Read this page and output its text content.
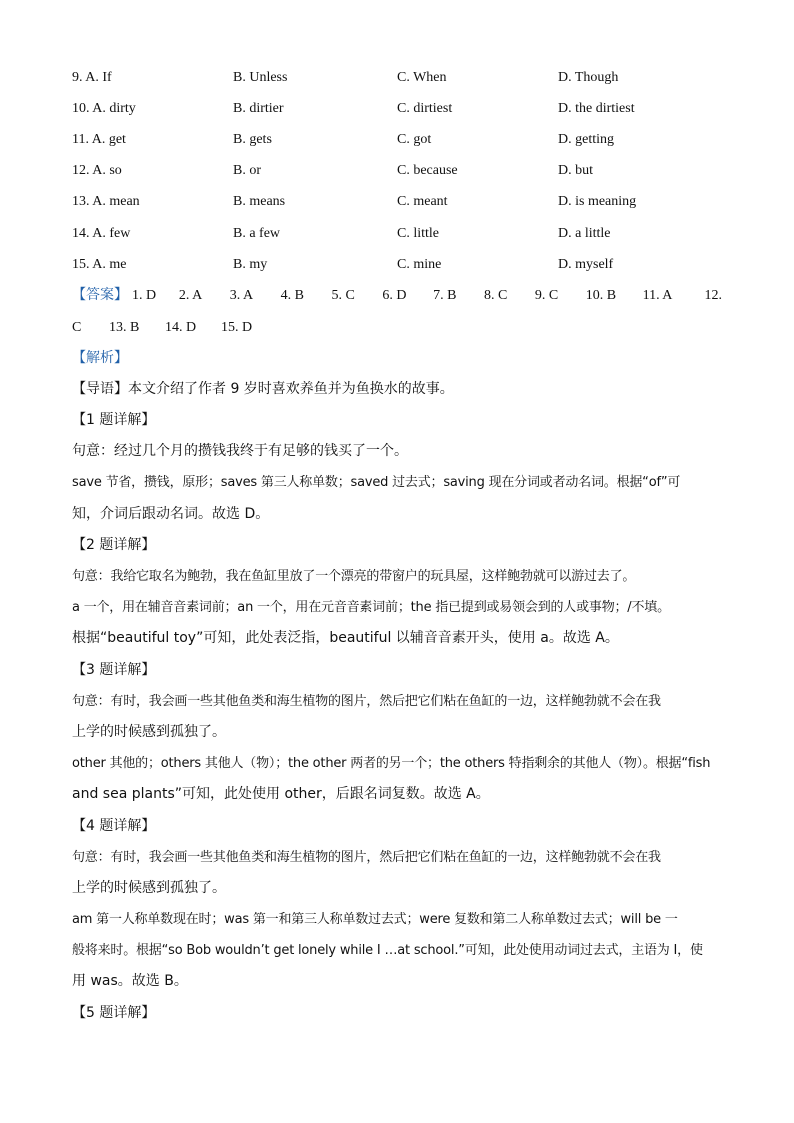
9. A. If	B. Unless	C. When	D. Though
10. A. dirty	B. dirtier	C. dirtiest	D. the dirtiest
11. A. get	B. gets	C. got	D. getting
12. A. so	B. or	C. because	D. but
13. A. mean	B. means	C. meant	D. is meaning
14. A. few	B. a few	C. little	D. a little
15. A. me	B. my	C. mine	D. myself
【答案】 1. D	2. A	3. A	4. B	5. C	6. D	7. B	8. C	9. C	10. B	11. A	12.
C	13. B	14. D	15. D
【解析】
【导语】本文介绍了作者 9 岁时喜欢养鱼并为鱼换水的故事。
【1 题详解】
句意：经过几个月的攒钱我终于有足够的钱买了一个。
save 节省，攒钱，原形；saves 第三人称单数；saved 过去式；saving 现在分词或者动名词。根据“of”可
知，介词后跟动名词。故选 D。
【2 题详解】
句意：我给它取名为鲍勃，我在鱼缸里放了一个漂亮的带窗户的玩具屋，这样鲍勃就可以游过去了。
a 一个，用在辅音音素词前；an 一个，用在元音音素词前；the 指已提到或易领会到的人或事物；/不填。
根据“beautiful toy”可知，此处表泛指，beautiful 以辅音音素开头，使用 a。故选 A。
【3 题详解】
句意：有时，我会画一些其他鱼类和海生植物的图片，然后把它们粘在鱼缸的一边，这样鲍勃就不会在我
上学的时候感到孤独了。
other 其他的；others 其他人（物）；the other 两者的另一个；the others 特指剩余的其他人（物）。根据“fish
and sea plants”可知，此处使用 other，后跟名词复数。故选 A。
【4 题详解】
句意：有时，我会画一些其他鱼类和海生植物的图片，然后把它们粘在鱼缸的一边，这样鲍勃就不会在我
上学的时候感到孤独了。
am 第一人称单数现在时；was 第一和第三人称单数过去式；were 复数和第二人称单数过去式；will be 一
般将来时。根据“so Bob wouldn’t get lonely while I …at school.”可知，此处使用动词过去式，主语为 I，使
用 was。故选 B。
【5 题详解】
